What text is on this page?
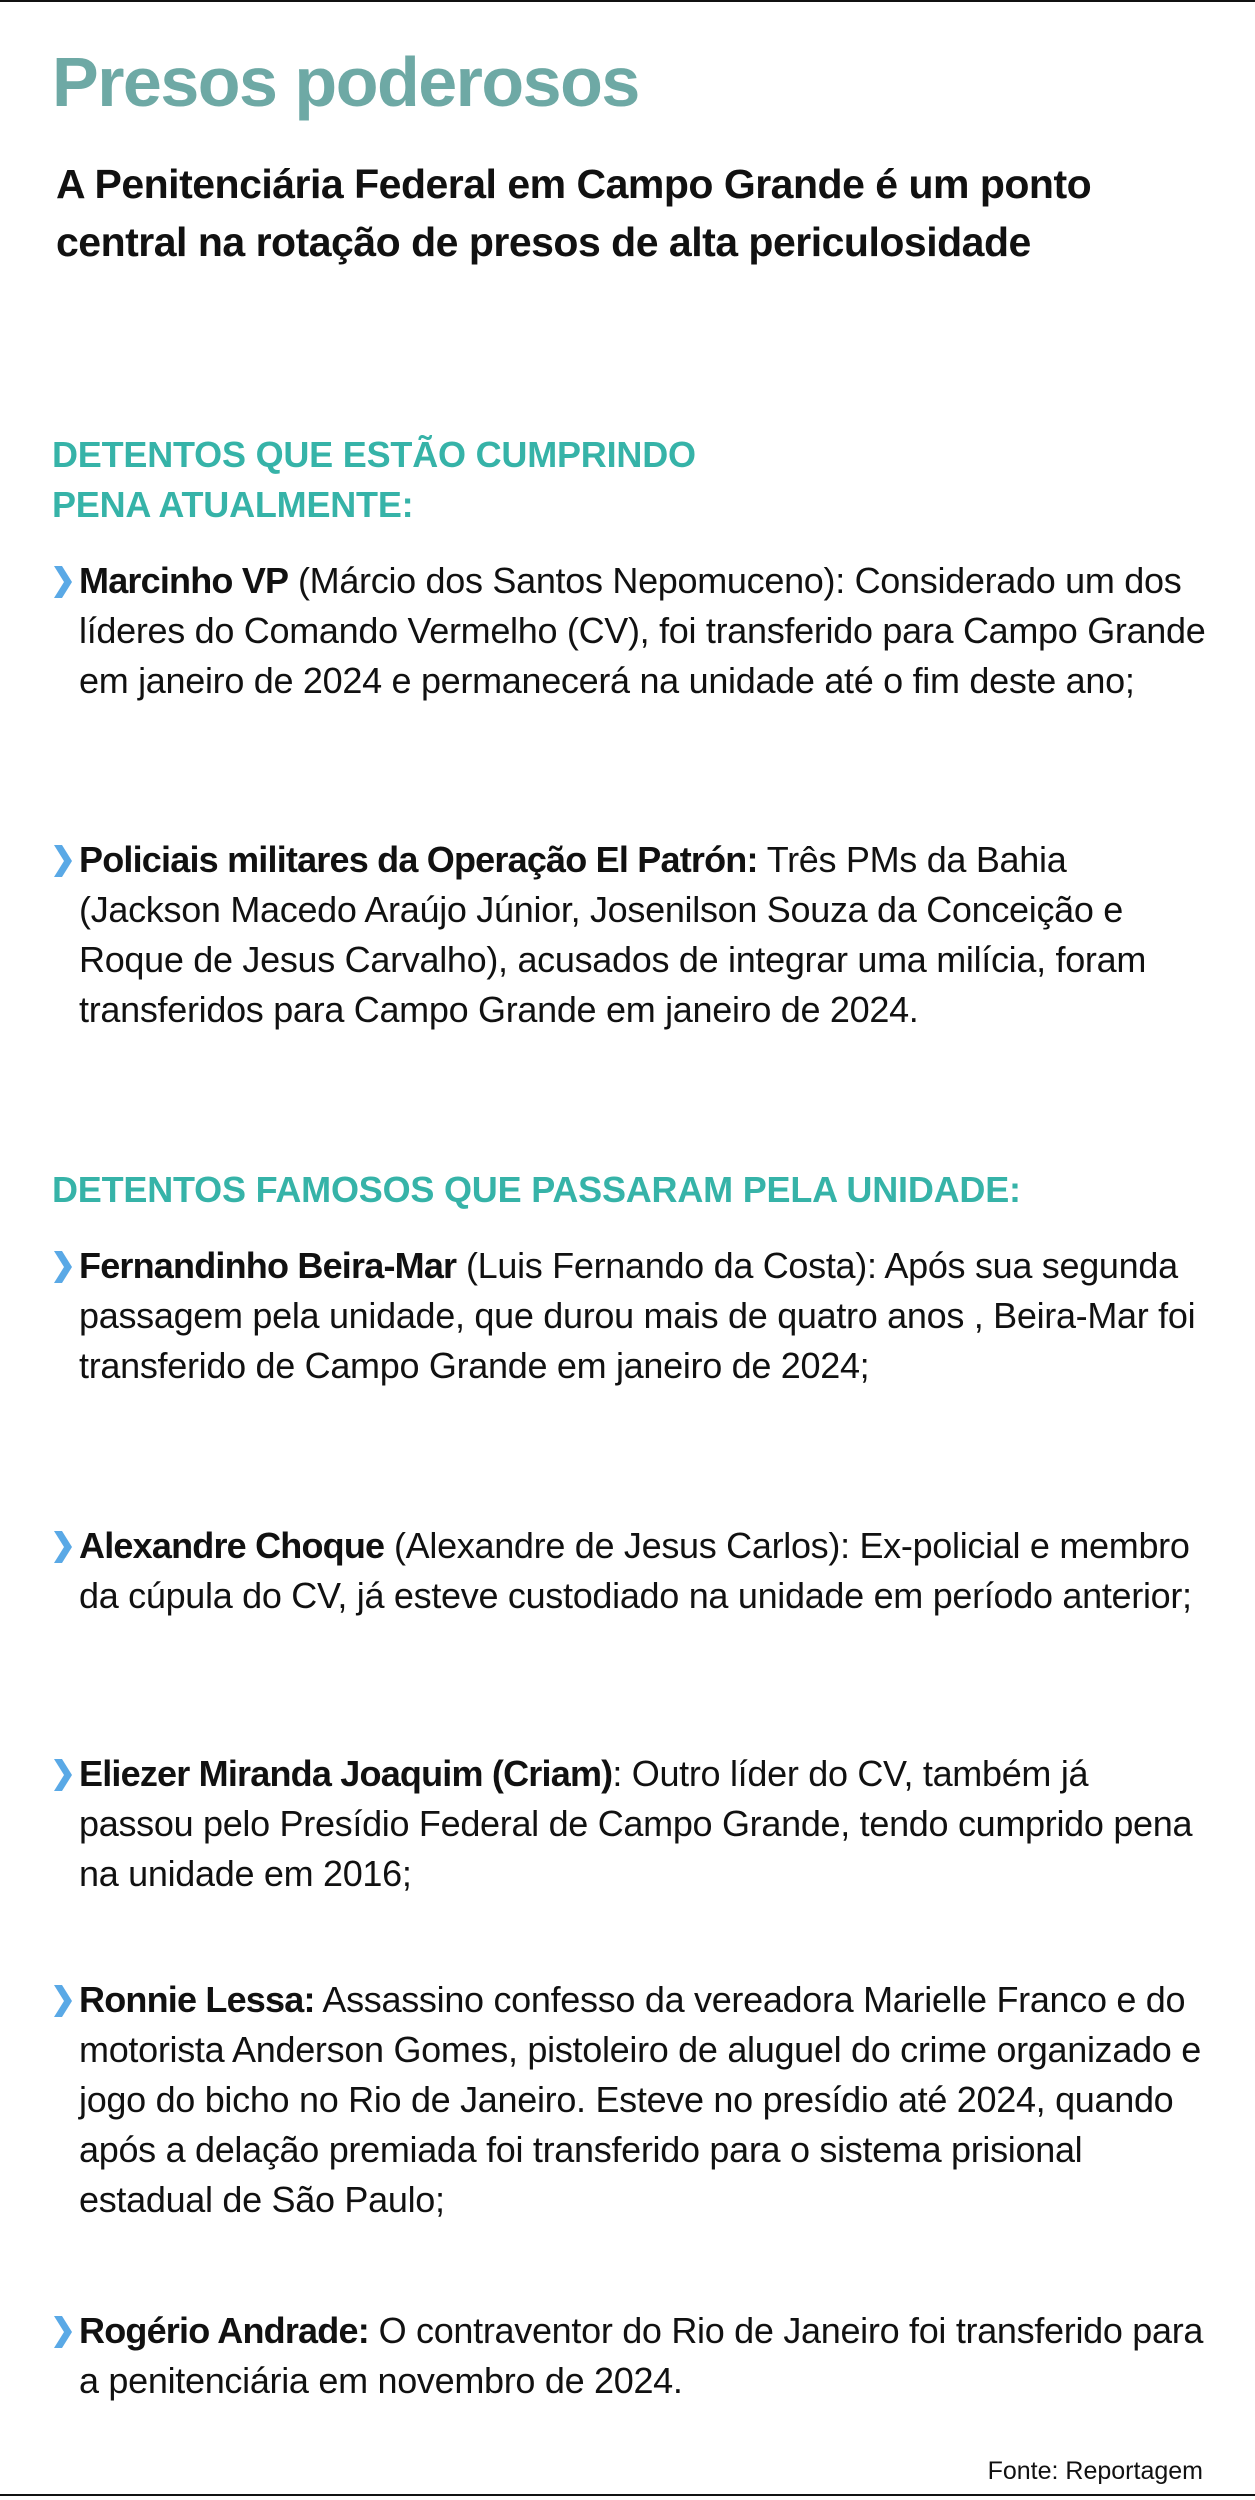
Presos poderosos

A Penitenciária Federal em Campo Grande é um ponto central na rotação de presos de alta periculosidade

DETENTOS QUE ESTÃO CUMPRINDO
PENA ATUALMENTE:
Marcinho VP (Márcio dos Santos Nepomuceno): Considerado um dos líderes do Comando Vermelho (CV), foi transferido para Campo Grande em janeiro de 2024 e permanecerá na unidade até o fim deste ano;
Policiais militares da Operação El Patrón: Três PMs da Bahia (Jackson Macedo Araújo Júnior, Josenilson Souza da Conceição e Roque de Jesus Carvalho), acusados de integrar uma milícia, foram transferidos para Campo Grande em janeiro de 2024.
DETENTOS FAMOSOS QUE PASSARAM PELA UNIDADE:
Fernandinho Beira-Mar (Luis Fernando da Costa): Após sua segunda passagem pela unidade, que durou mais de quatro anos , Beira-Mar foi transferido de Campo Grande em janeiro de 2024;
Alexandre Choque (Alexandre de Jesus Carlos): Ex-policial e membro da cúpula do CV, já esteve custodiado na unidade em período anterior;
Eliezer Miranda Joaquim (Criam): Outro líder do CV, também já passou pelo Presídio Federal de Campo Grande, tendo cumprido pena na unidade em 2016;
Ronnie Lessa: Assassino confesso da vereadora Marielle Franco e do motorista Anderson Gomes, pistoleiro de aluguel do crime organizado e jogo do bicho no Rio de Janeiro. Esteve no presídio até 2024, quando após a delação premiada foi transferido para o sistema prisional estadual de São Paulo;
Rogério Andrade: O contraventor do Rio de Janeiro foi transferido para a penitenciária em novembro de 2024.
Fonte: Reportagem
